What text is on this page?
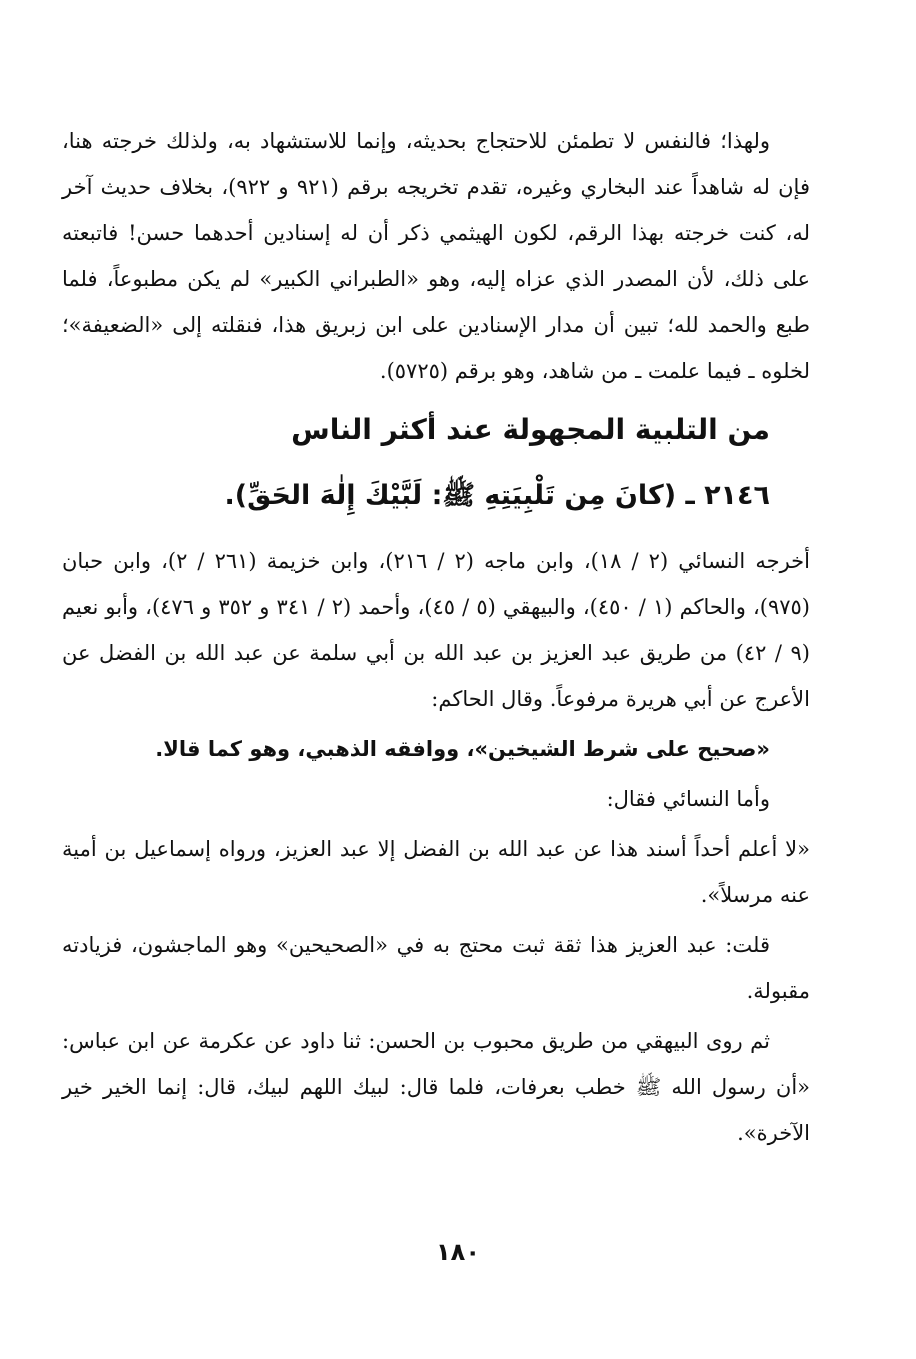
ولهذا؛ فالنفس لا تطمئن للاحتجاج بحديثه، وإنما للاستشهاد به، ولذلك خرجته هنا، فإن له شاهداً عند البخاري وغيره، تقدم تخريجه برقم (٩٢١ و ٩٢٢)، بخلاف حديث آخر له، كنت خرجته بهذا الرقم، لكون الهيثمي ذكر أن له إسنادين أحدهما حسن! فاتبعته على ذلك، لأن المصدر الذي عزاه إليه، وهو «الطبراني الكبير» لم يكن مطبوعاً، فلما طبع والحمد لله؛ تبين أن مدار الإسنادين على ابن زبريق هذا، فنقلته إلى «الضعيفة»؛ لخلوه ـ فيما علمت ـ من شاهد، وهو برقم (٥٧٢٥).

من التلبية المجهولة عند أكثر الناس
٢١٤٦ ـ (كانَ مِن تَلْبِيَتِهِ ﷺ: لَبَّيْكَ إِلٰهَ الحَقِّ).

أخرجه النسائي (٢ / ١٨)، وابن ماجه (٢ / ٢١٦)، وابن خزيمة (٢٦١ / ٢)، وابن حبان (٩٧٥)، والحاكم (١ / ٤٥٠)، والبيهقي (٥ / ٤٥)، وأحمد (٢ / ٣٤١ و ٣٥٢ و ٤٧٦)، وأبو نعيم (٩ / ٤٢) من طريق عبد العزيز بن عبد الله بن أبي سلمة عن عبد الله بن الفضل عن الأعرج عن أبي هريرة مرفوعاً. وقال الحاكم:

«صحيح على شرط الشيخين»، ووافقه الذهبي، وهو كما قالا.

وأما النسائي فقال:

«لا أعلم أحداً أسند هذا عن عبد الله بن الفضل إلا عبد العزيز، ورواه إسماعيل بن أمية عنه مرسلاً».

قلت: عبد العزيز هذا ثقة ثبت محتج به في «الصحيحين» وهو الماجشون، فزيادته مقبولة.

ثم روى البيهقي من طريق محبوب بن الحسن: ثنا داود عن عكرمة عن ابن عباس: «أن رسول الله ﷺ خطب بعرفات، فلما قال: لبيك اللهم لبيك، قال: إنما الخير خير الآخرة».

١٨٠
